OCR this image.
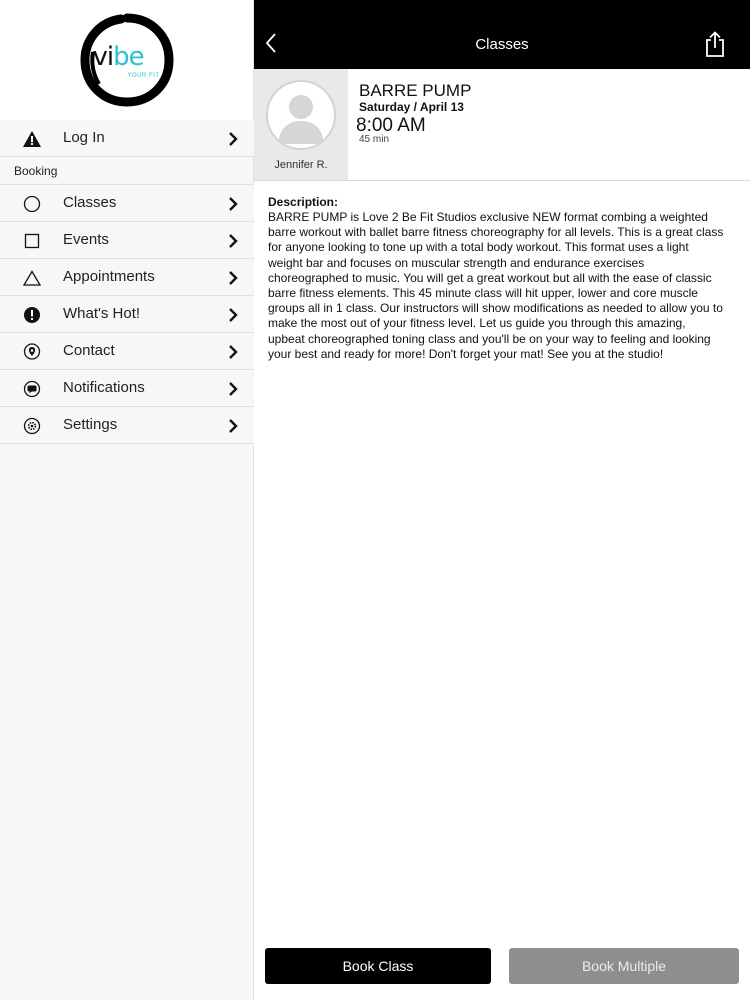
vibe
YOUR FIT
Log In
Booking
Classes
Events
Appointments
What's Hot!
Contact
Notifications
Settings
Classes
Jennifer R.
BARRE PUMP
Saturday / April 13
8:00 AM
45 min
Description:
BARRE PUMP is Love 2 Be Fit Studios exclusive NEW format combing a weighted barre workout with ballet barre fitness choreography for all levels. This is a great class for anyone looking to tone up with a total body workout. This format uses a light weight bar and focuses on muscular strength and endurance exercises choreographed to music. You will get a great workout but all with the ease of classic barre fitness elements. This 45 minute class will hit upper, lower and core muscle groups all in 1 class. Our instructors will show modifications as needed to allow you to make the most out of your fitness level. Let us guide you through this amazing, upbeat choreographed toning class and you'll be on your way to feeling and looking your best and ready for more! Don't forget your mat! See you at the studio!
Book Class	Book Multiple
